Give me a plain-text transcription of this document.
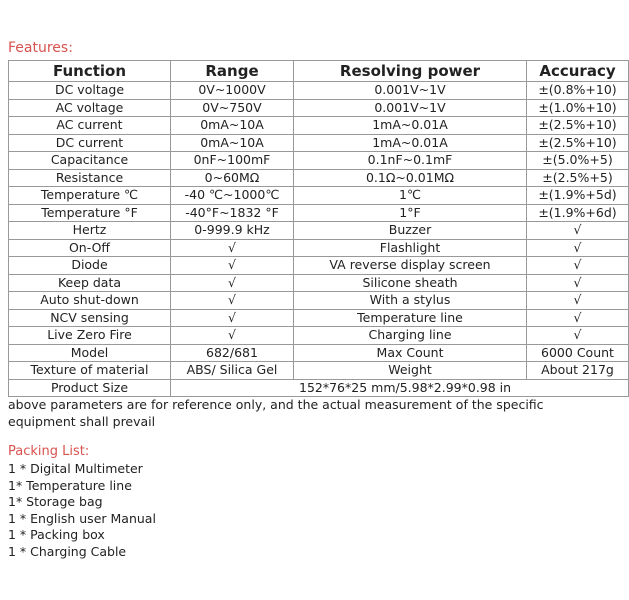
Features:
Function	Range	Resolving power	Accuracy
DC voltage	0V~1000V	0.001V~1V	±(0.8%+10)
AC voltage	0V~750V	0.001V~1V	±(1.0%+10)
AC current	0mA~10A	1mA~0.01A	±(2.5%+10)
DC current	0mA~10A	1mA~0.01A	±(2.5%+10)
Capacitance	0nF~100mF	0.1nF~0.1mF	±(5.0%+5)
Resistance	0~60MΩ	0.1Ω~0.01MΩ	±(2.5%+5)
Temperature ℃	-40 ℃~1000℃	1℃	±(1.9%+5d)
Temperature °F	-40°F~1832 °F	1°F	±(1.9%+6d)
Hertz	0-999.9 kHz	Buzzer	√
On-Off	√	Flashlight	√
Diode	√	VA reverse display screen	√
Keep data	√	Silicone sheath	√
Auto shut-down	√	With a stylus	√
NCV sensing	√	Temperature line	√
Live Zero Fire	√	Charging line	√
Model	682/681	Max Count	6000 Count
Texture of material	ABS/ Silica Gel	Weight	About 217g
Product Size	152*76*25 mm/5.98*2.99*0.98 in		
above parameters are for reference only, and the actual measurement of the specific equipment shall prevail
Packing List:
1 * Digital Multimeter
1* Temperature line
1* Storage bag
1 * English user Manual
1 * Packing box
1 * Charging Cable
